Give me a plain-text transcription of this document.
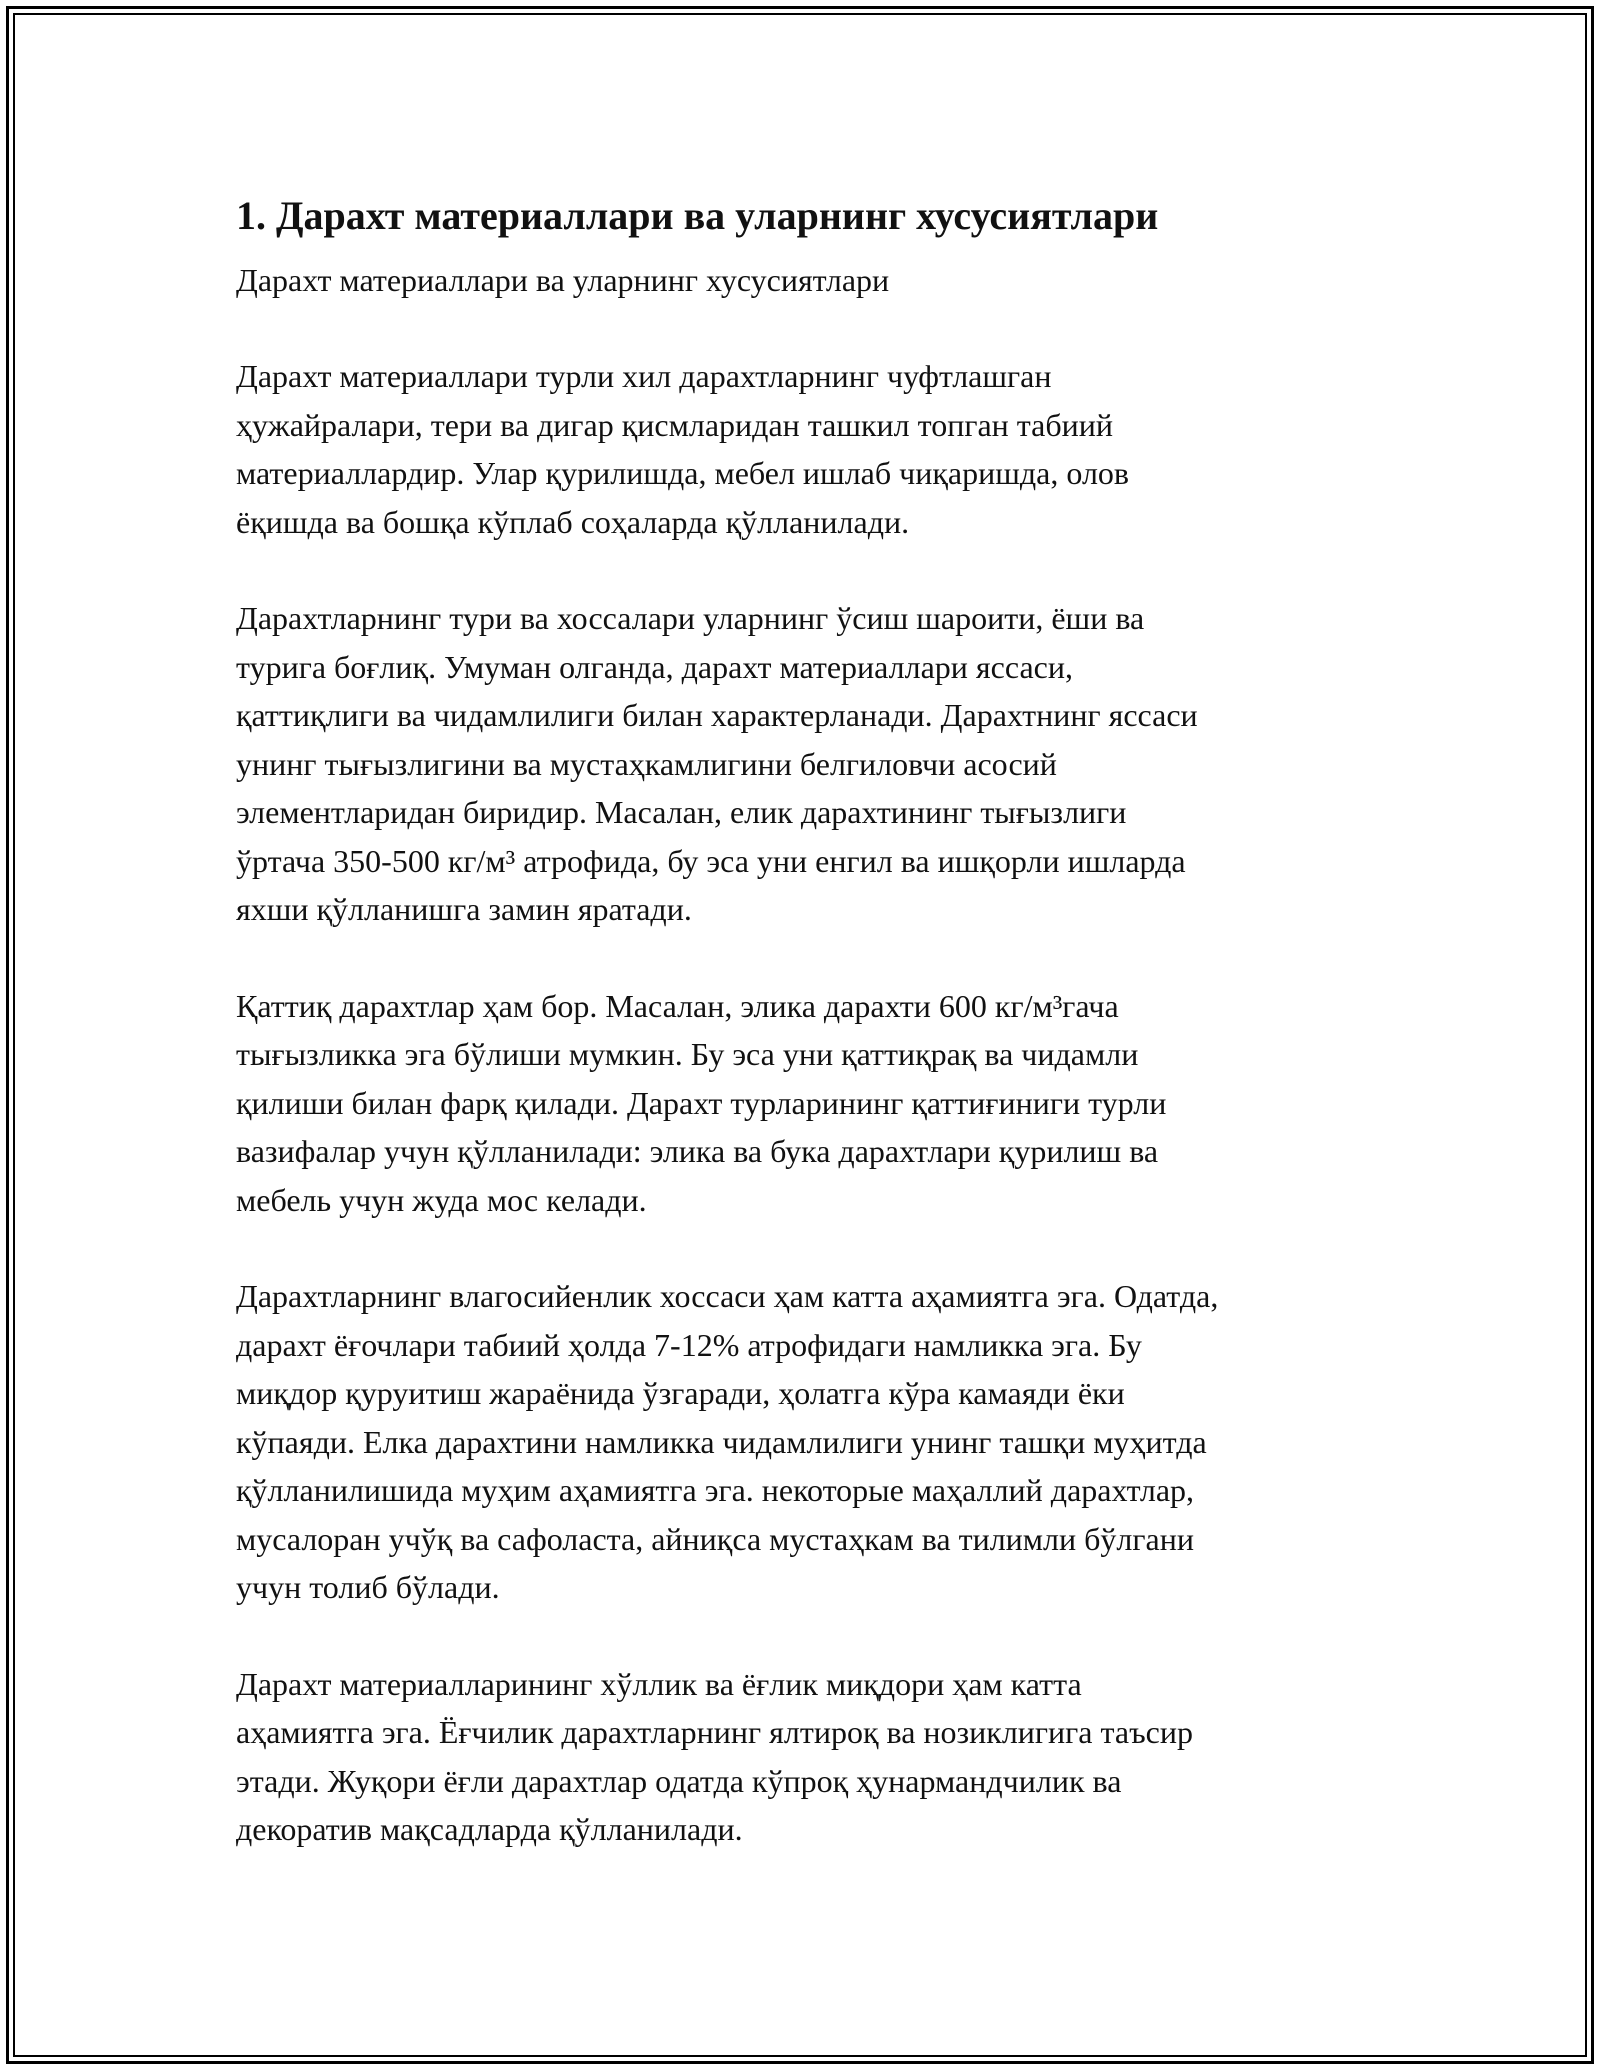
1. Дарахт материаллари ва уларнинг хусусиятлари

Дарахт материаллари ва уларнинг хусусиятлари

Дарахт материаллари турли хил дарахтларнинг чуфтлашган
ҳужайралари, тери ва дигар қисмларидан ташкил топган табиий
материаллардир. Улар қурилишда, мебел ишлаб чиқаришда, олов
ёқишда ва бошқа кўплаб соҳаларда қўлланилади.

Дарахтларнинг тури ва хоссалари уларнинг ўсиш шароити, ёши ва
турига боғлиқ. Умуман олганда, дарахт материаллари яссаси,
қаттиқлиги ва чидамлилиги билан характерланади. Дарахтнинг яссаси
унинг тығызлигини ва мустаҳкамлигини белгиловчи асосий
элементларидан биридир. Масалан, елик дарахтининг тығызлиги
ўртача 350-500 кг/м³ атрофида, бу эса уни енгил ва ишқорли ишларда
яхши қўлланишга замин яратади.

Қаттиқ дарахтлар ҳам бор. Масалан, элика дарахти 600 кг/м³гача
тығызликка эга бўлиши мумкин. Бу эса уни қаттиқрақ ва чидамли
қилиши билан фарқ қилади. Дарахт турларининг қаттиғиниги турли
вазифалар учун қўлланилади: элика ва бука дарахтлари қурилиш ва
мебель учун жуда мос келади.

Дарахтларнинг влагосийенлик хоссаси ҳам катта аҳамиятга эга. Одатда,
дарахт ёғочлари табиий ҳолда 7-12% атрофидаги намликка эга. Бу
миқдор қуруитиш жараёнида ўзгаради, ҳолатга кўра камаяди ёки
кўпаяди. Елка дарахтини намликка чидамлилиги унинг ташқи муҳитда
қўлланилишида муҳим аҳамиятга эга. некоторые маҳаллий дарахтлар,
мусалоран учўқ ва сафоласта, айниқса мустаҳкам ва тилимли бўлгани
учун толиб бўлади.

Дарахт материалларининг хўллик ва ёғлик миқдори ҳам катта
аҳамиятга эга. Ёғчилик дарахтларнинг ялтироқ ва нозиклигига таъсир
этади. Жуқори ёғли дарахтлар одатда кўпроқ ҳунармандчилик ва
декоратив мақсадларда қўлланилади.
